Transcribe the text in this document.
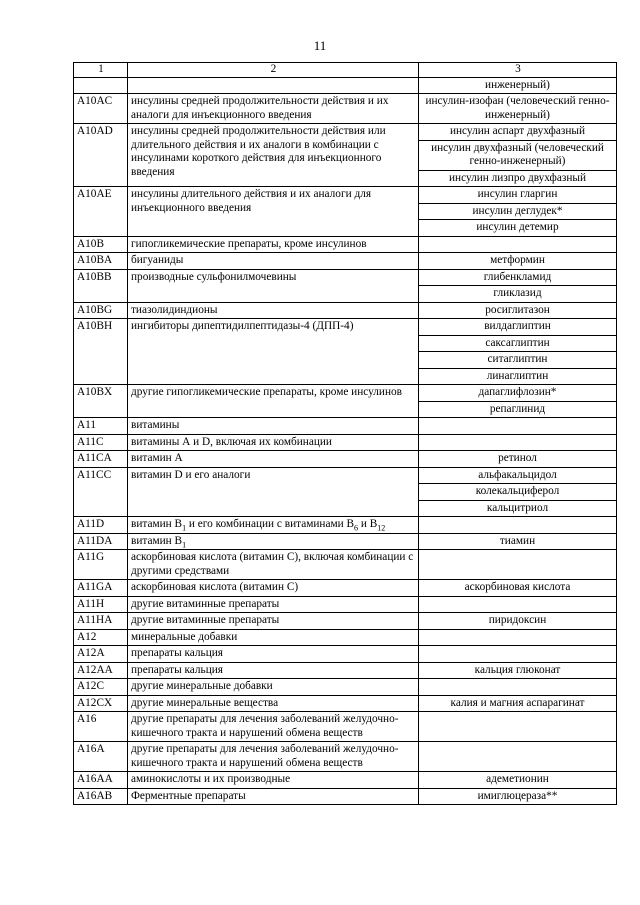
11
1	2	3

		инженерный)

A10AC	инсулины средней продолжительности действия и их аналоги для инъекционного введения	инсулин-изофан (человеческий генно-инженерный)

A10AD	инсулины средней продолжительности действия или длительного действия и их аналоги в комбинации с инсулинами короткого действия для инъекционного введения	инсулин аспарт двухфазный
инсулин двухфазный (человеческий генно-инженерный)
инсулин лизпро двухфазный

A10AE	инсулины длительного действия и их аналоги для инъекционного введения	инсулин гларгин
инсулин деглудек*
инсулин детемир

A10B	гипогликемические препараты, кроме инсулинов	

A10BA	бигуаниды	метформин

A10BB	производные сульфонилмочевины	глибенкламид
гликлазид

A10BG	тиазолидиндионы	росиглитазон

A10BH	ингибиторы дипептидилпептидазы-4 (ДПП-4)	вилдаглиптин
саксаглиптин
ситаглиптин
линаглиптин

A10BX	другие гипогликемические препараты, кроме инсулинов	дапаглифлозин*
репаглинид

A11	витамины	

A11C	витамины А и D, включая их комбинации	

A11CA	витамин А	ретинол

A11CC	витамин D и его аналоги	альфакальцидол
колекальциферол
кальцитриол

A11D	витамин $B_1$ и его комбинации с витаминами $B_6$ и $B_{12}$	

A11DA	витамин $B_1$	тиамин

A11G	аскорбиновая кислота (витамин С), включая комбинации с другими средствами	

A11GA	аскорбиновая кислота (витамин С)	аскорбиновая кислота

A11H	другие витаминные препараты	

A11HA	другие витаминные препараты	пиридоксин

A12	минеральные добавки	

A12A	препараты кальция	

A12AA	препараты кальция	кальция глюконат

A12C	другие минеральные добавки	

A12CX	другие минеральные вещества	калия и магния аспарагинат

A16	другие препараты для лечения заболеваний желудочно-кишечного тракта и нарушений обмена веществ	

A16A	другие препараты для лечения заболеваний желудочно-кишечного тракта и нарушений обмена веществ	

A16AA	аминокислоты и их производные	адеметионин

A16AB	Ферментные препараты	имиглюцераза**
